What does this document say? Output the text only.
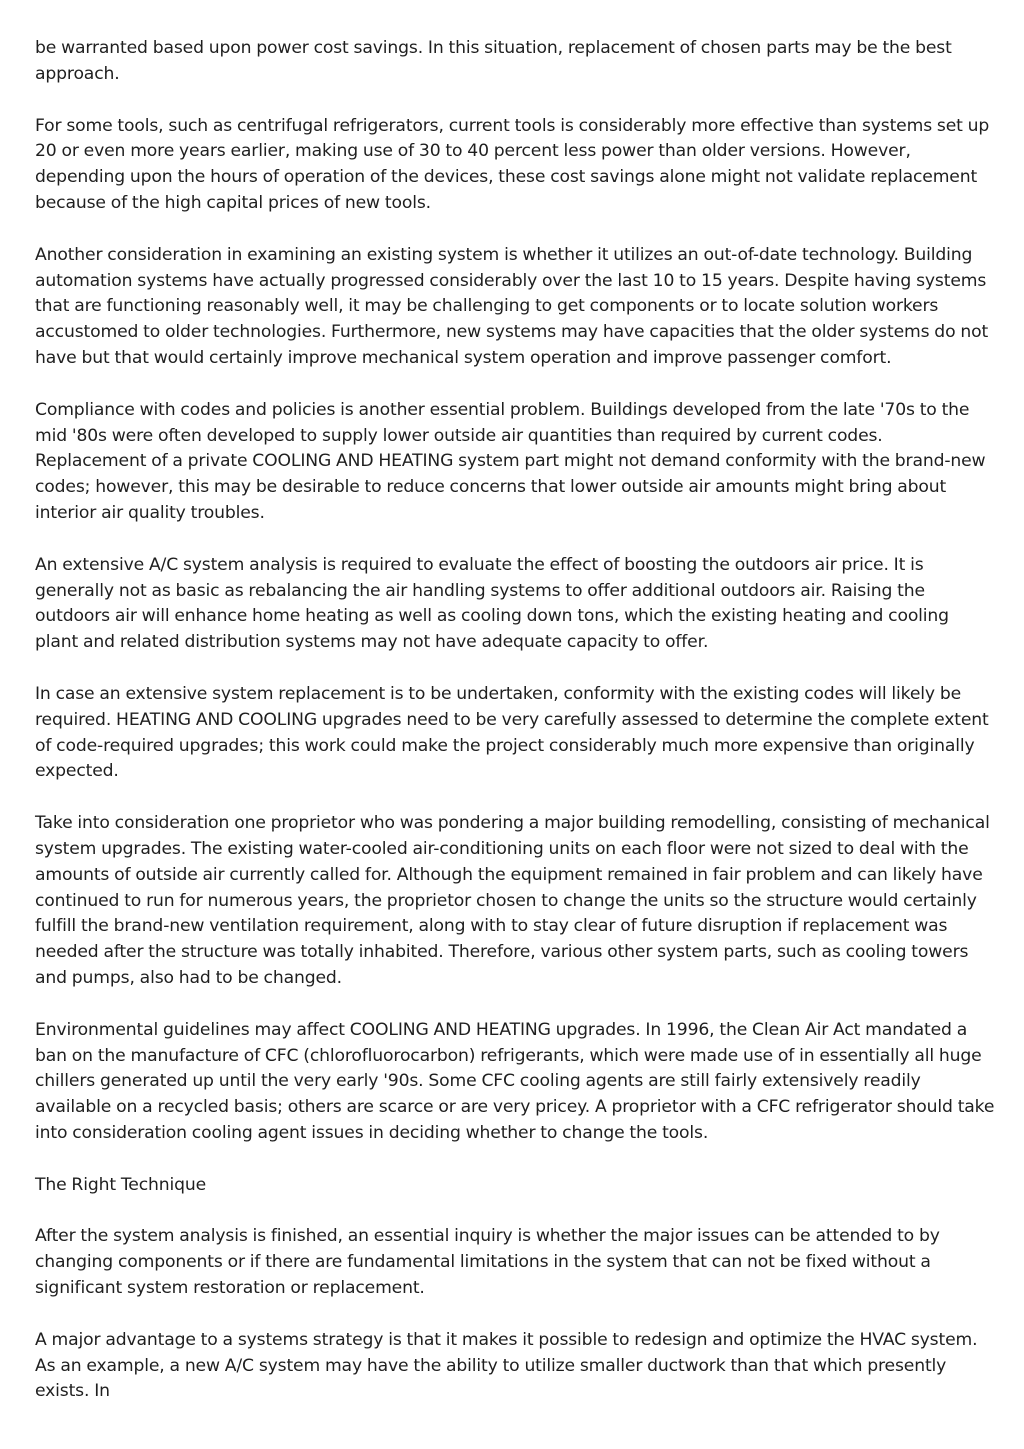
be warranted based upon power cost savings. In this situation, replacement of chosen parts may be the best approach.

For some tools, such as centrifugal refrigerators, current tools is considerably more effective than systems set up 20 or even more years earlier, making use of 30 to 40 percent less power than older versions. However, depending upon the hours of operation of the devices, these cost savings alone might not validate replacement because of the high capital prices of new tools.

Another consideration in examining an existing system is whether it utilizes an out-of-date technology. Building automation systems have actually progressed considerably over the last 10 to 15 years. Despite having systems that are functioning reasonably well, it may be challenging to get components or to locate solution workers accustomed to older technologies. Furthermore, new systems may have capacities that the older systems do not have but that would certainly improve mechanical system operation and improve passenger comfort.

Compliance with codes and policies is another essential problem. Buildings developed from the late '70s to the mid '80s were often developed to supply lower outside air quantities than required by current codes. Replacement of a private COOLING AND HEATING system part might not demand conformity with the brand-new codes; however, this may be desirable to reduce concerns that lower outside air amounts might bring about interior air quality troubles.

An extensive A/C system analysis is required to evaluate the effect of boosting the outdoors air price. It is generally not as basic as rebalancing the air handling systems to offer additional outdoors air. Raising the outdoors air will enhance home heating as well as cooling down tons, which the existing heating and cooling plant and related distribution systems may not have adequate capacity to offer.

In case an extensive system replacement is to be undertaken, conformity with the existing codes will likely be required. HEATING AND COOLING upgrades need to be very carefully assessed to determine the complete extent of code-required upgrades; this work could make the project considerably much more expensive than originally expected.

Take into consideration one proprietor who was pondering a major building remodelling, consisting of mechanical system upgrades. The existing water-cooled air-conditioning units on each floor were not sized to deal with the amounts of outside air currently called for. Although the equipment remained in fair problem and can likely have continued to run for numerous years, the proprietor chosen to change the units so the structure would certainly fulfill the brand-new ventilation requirement, along with to stay clear of future disruption if replacement was needed after the structure was totally inhabited. Therefore, various other system parts, such as cooling towers and pumps, also had to be changed.

Environmental guidelines may affect COOLING AND HEATING upgrades. In 1996, the Clean Air Act mandated a ban on the manufacture of CFC (chlorofluorocarbon) refrigerants, which were made use of in essentially all huge chillers generated up until the very early '90s. Some CFC cooling agents are still fairly extensively readily available on a recycled basis; others are scarce or are very pricey. A proprietor with a CFC refrigerator should take into consideration cooling agent issues in deciding whether to change the tools.

The Right Technique

After the system analysis is finished, an essential inquiry is whether the major issues can be attended to by changing components or if there are fundamental limitations in the system that can not be fixed without a significant system restoration or replacement.

A major advantage to a systems strategy is that it makes it possible to redesign and optimize the HVAC system. As an example, a new A/C system may have the ability to utilize smaller ductwork than that which presently exists. In
